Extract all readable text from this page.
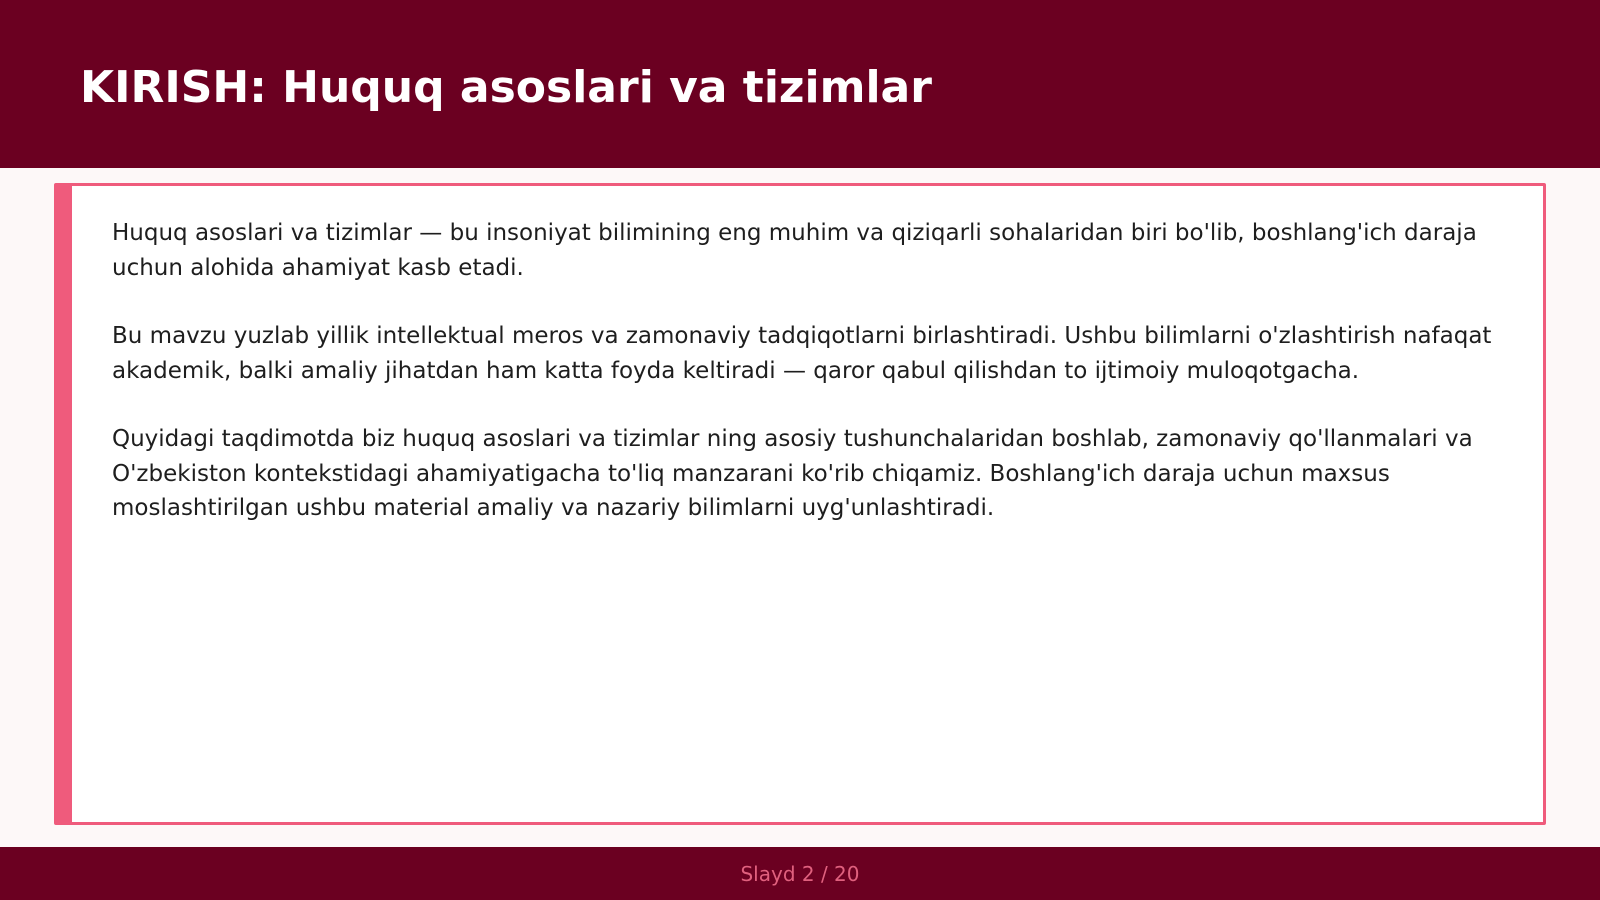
KIRISH: Huquq asoslari va tizimlar

Huquq asoslari va tizimlar — bu insoniyat bilimining eng muhim va qiziqarli sohalaridan biri bo'lib, boshlang'ich daraja uchun alohida ahamiyat kasb etadi.

Bu mavzu yuzlab yillik intellektual meros va zamonaviy tadqiqotlarni birlashtiradi. Ushbu bilimlarni o'zlashtirish nafaqat akademik, balki amaliy jihatdan ham katta foyda keltiradi — qaror qabul qilishdan to ijtimoiy muloqotgacha.

Quyidagi taqdimotda biz huquq asoslari va tizimlar ning asosiy tushunchalaridan boshlab, zamonaviy qo'llanmalari va O'zbekiston kontekstidagi ahamiyatigacha to'liq manzarani ko'rib chiqamiz. Boshlang'ich daraja uchun maxsus moslashtirilgan ushbu material amaliy va nazariy bilimlarni uyg'unlashtiradi.

Slayd 2 / 20
